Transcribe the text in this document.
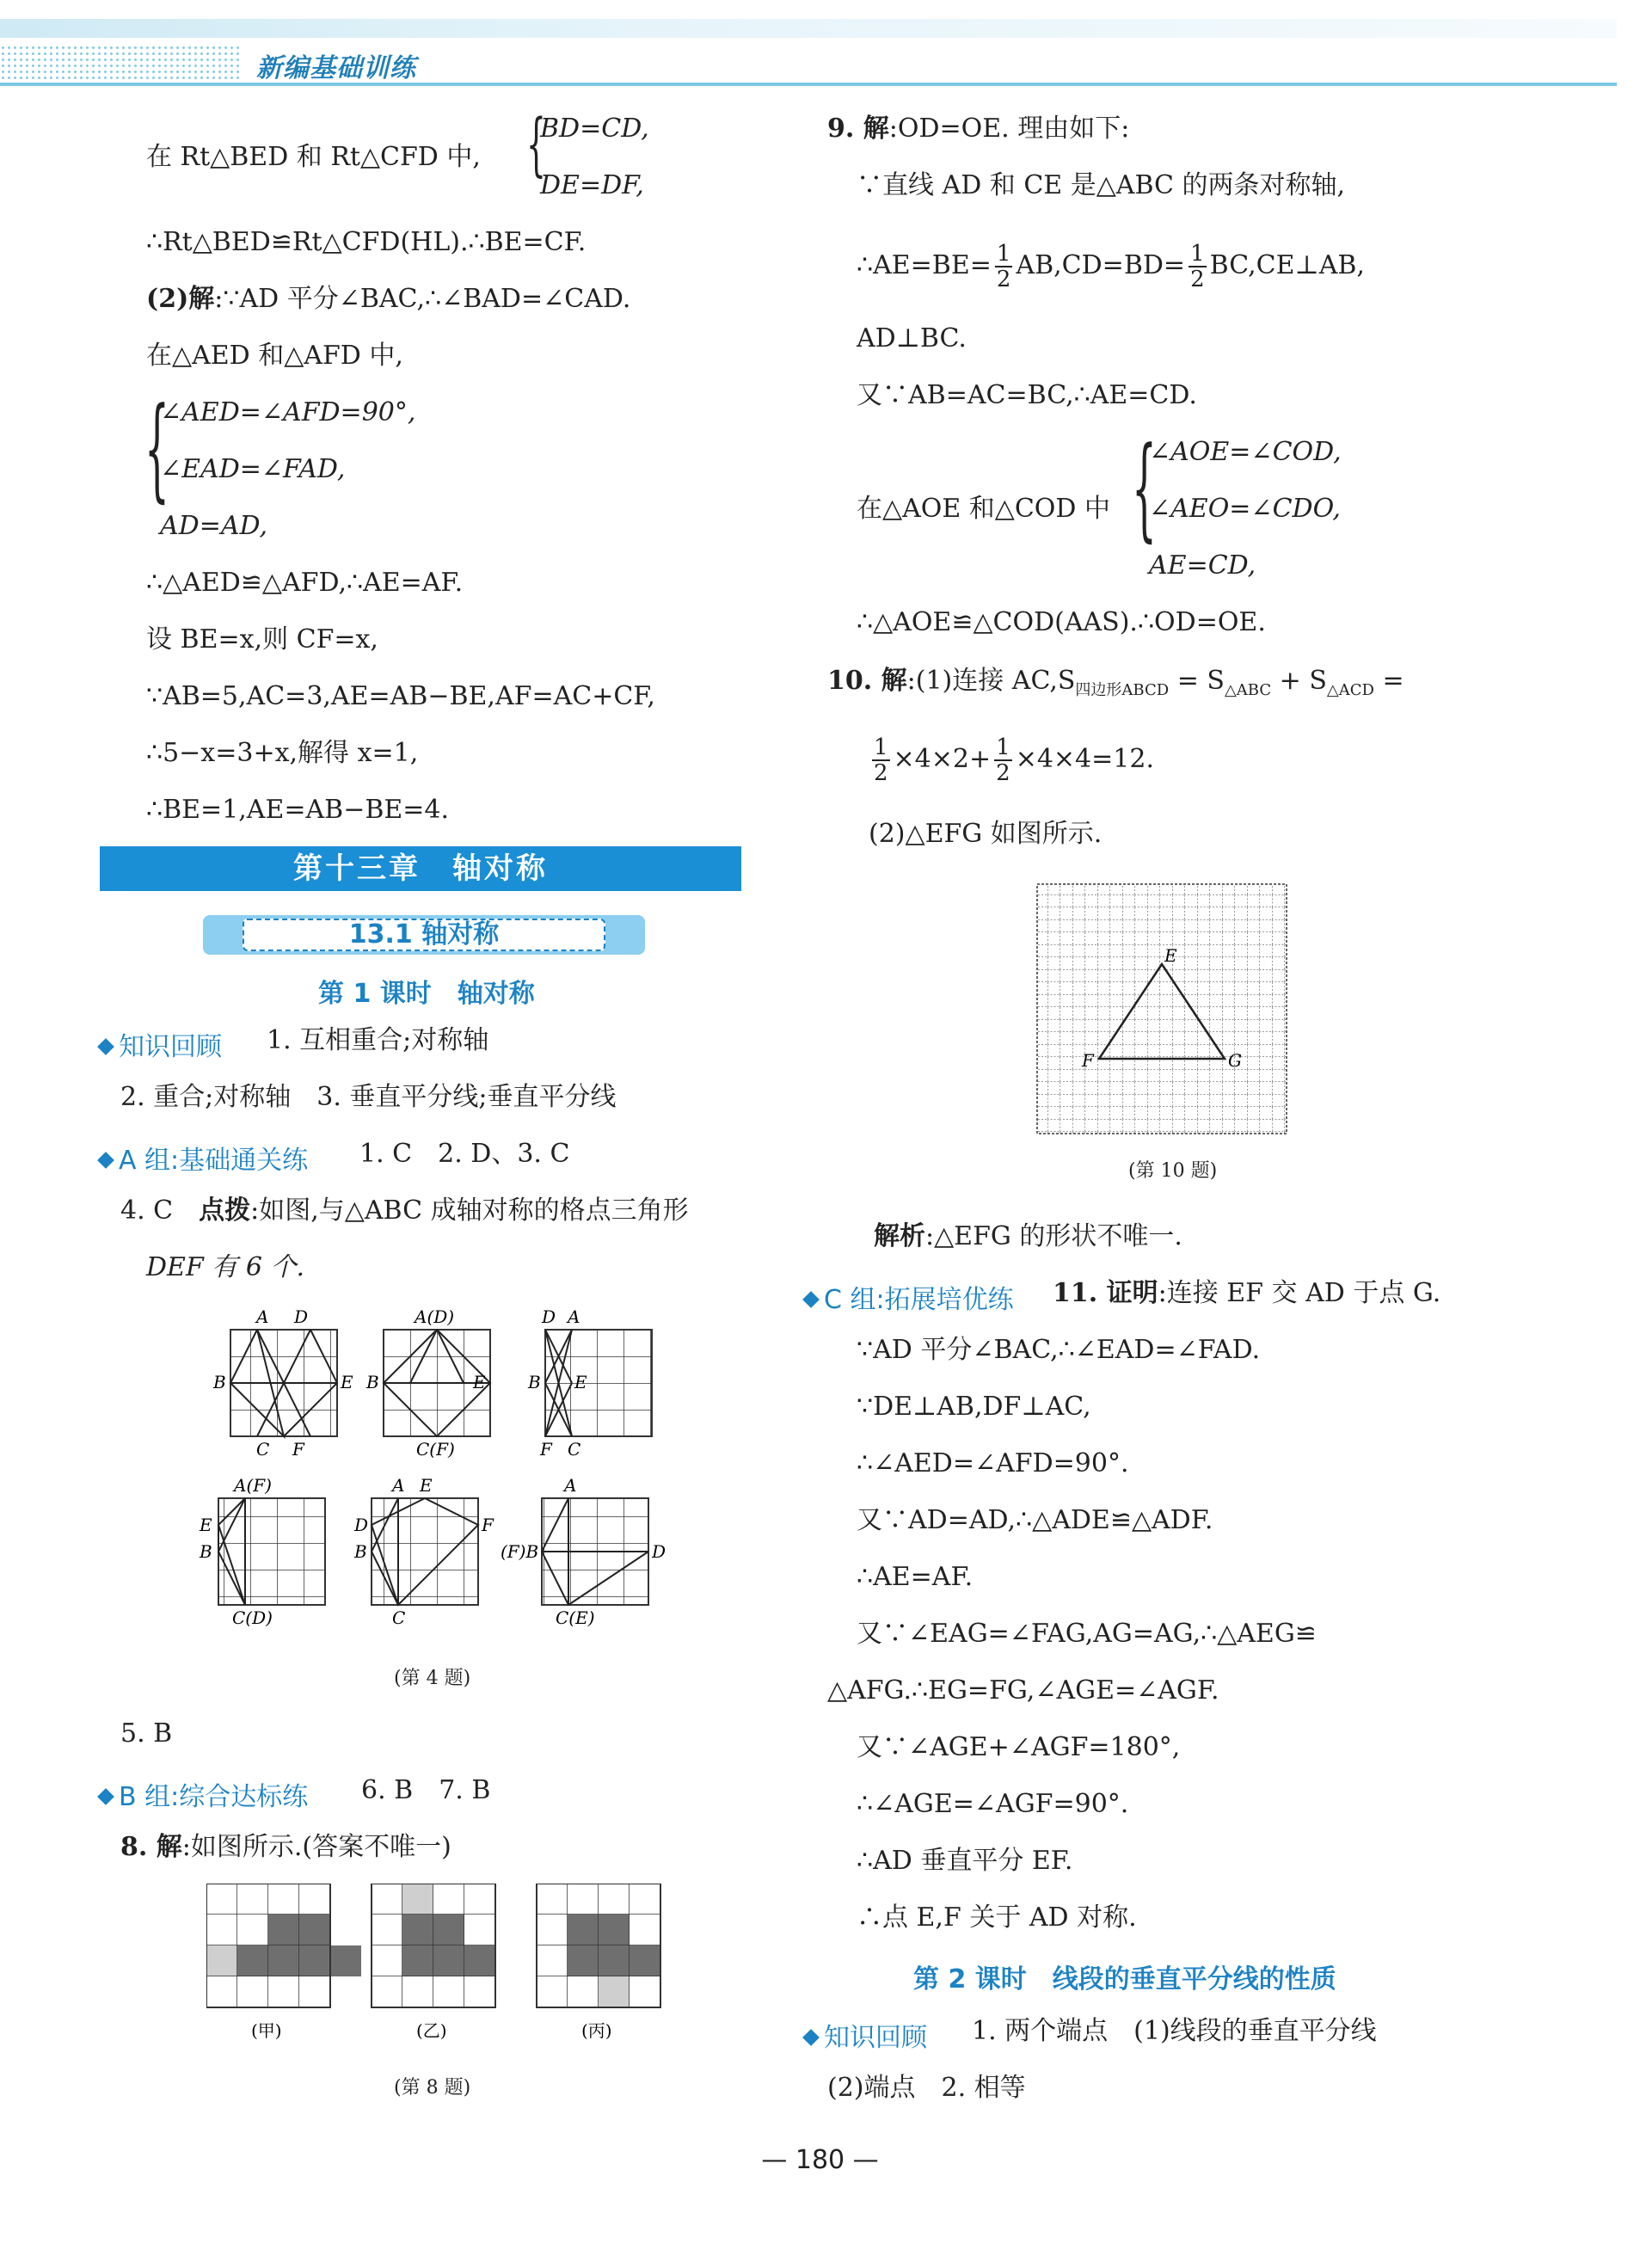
新编基础训练
在 Rt△BED 和 Rt△CFD 中, {
BD=CD,
DE=DF,
∴Rt△BED≌Rt△CFD(HL).∴BE=CF.
(2)解:∵AD 平分∠BAC,∴∠BAD=∠CAD.
在△AED 和△AFD 中,
{
∠AED=∠AFD=90°,
∠EAD=∠FAD,
AD=AD,
∴△AED≌△AFD,∴AE=AF.
设 BE=x,则 CF=x,
∵AB=5,AC=3,AE=AB−BE,AF=AC+CF,
∴5−x=3+x,解得 x=1,
∴BE=1,AE=AB−BE=4.
第十三章　轴对称
13.1 轴对称
第 1 课时　轴对称
知识回顾 1. 互相重合;对称轴
2. 重合;对称轴　3. 垂直平分线;垂直平分线
A 组:基础通关练 1. C　2. D、3. C
4. C　点拨:如图,与△ABC 成轴对称的格点三角形
DEF 有 6 个.
A D
B	E
C F
A(D)
B	E
C(F)
D A
B E
F C
A(F)
E
B
C(D)
A E
D	F
B
C
A
(F)B	D
C(E)
(第 4 题)
5. B
B 组:综合达标练 6. B　7. B
8. 解:如图所示.(答案不唯一)
(甲)	(乙)	(丙)
(第 8 题)
9. 解:OD=OE. 理由如下:
∵直线 AD 和 CE 是△ABC 的两条对称轴,
∴AE=BE= $\frac{1}{2} AB,CD=BD= \frac{1}{2}$ BC,CE⊥AB,
AD⊥BC.
又∵AB=AC=BC,∴AE=CD.
{
∠AOE=∠COD,
在△AOE 和△COD 中 ∠AEO=∠CDO,
AE=CD,
∴△AOE≌△COD(AAS).∴OD=OE.
10. 解:(1)连接 $AC,S_{四边形ABCD} = S_{\triangle ABC} + S_{\triangle ACD}$ =
$\frac{1}{2} \times 4\times 2+ \frac{1}{2} \times 4\times 4=12$.
(2)△EFG 如图所示.
E
F	G
(第 10 题)
解析:△EFG 的形状不唯一.
C 组:拓展培优练 11. 证明:连接 EF 交 AD 于点 G.
∵AD 平分∠BAC,∴∠EAD=∠FAD.
∵DE⊥AB,DF⊥AC,
∴∠AED=∠AFD=90°.
又∵AD=AD,∴△ADE≌△ADF.
∴AE=AF.
又∵∠EAG=∠FAG,AG=AG,∴△AEG≌
△AFG.∴EG=FG,∠AGE=∠AGF.
又∵∠AGE+∠AGF=180°,
∴∠AGE=∠AGF=90°.
∴AD 垂直平分 EF.
∴点 E,F 关于 AD 对称.
第 2 课时　线段的垂直平分线的性质
知识回顾 1. 两个端点　(1)线段的垂直平分线
(2)端点　2. 相等
— 180 —
